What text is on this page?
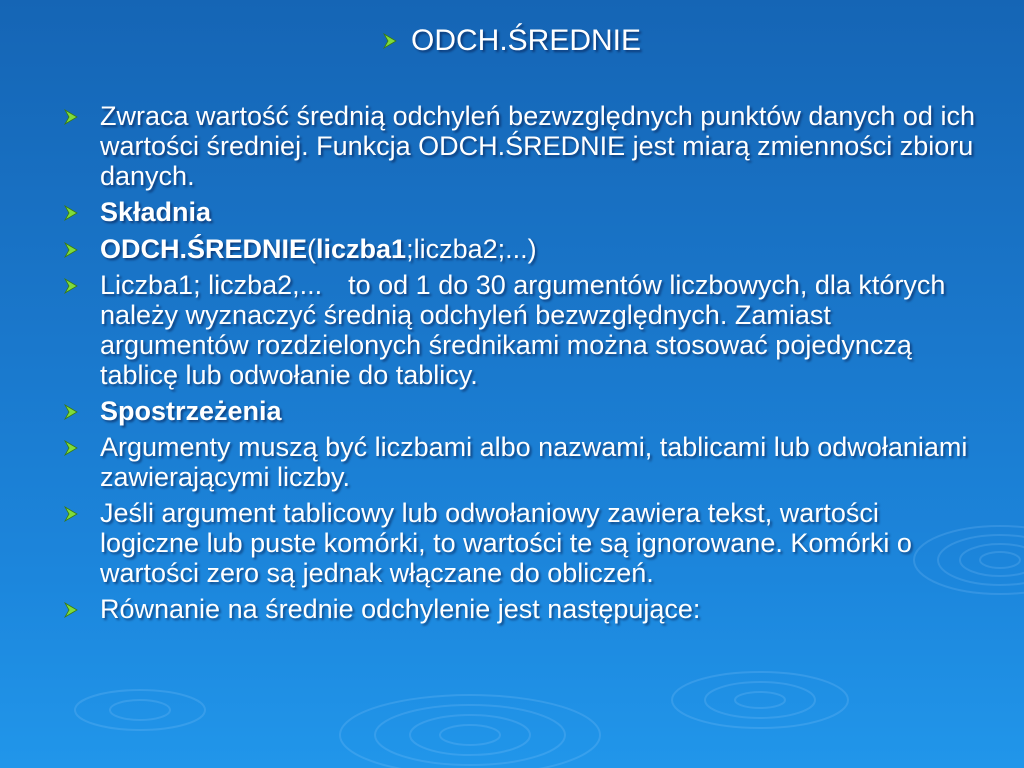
ODCH.ŚREDNIE
Zwraca wartość średnią odchyleń bezwzględnych punktów danych od ich wartości średniej. Funkcja ODCH.ŚREDNIE jest miarą zmienności zbioru danych.
Składnia
ODCH.ŚREDNIE(liczba1;liczba2;...)
Liczba1; liczba2,... to od 1 do 30 argumentów liczbowych, dla których należy wyznaczyć średnią odchyleń bezwzględnych. Zamiast argumentów rozdzielonych średnikami można stosować pojedynczą tablicę lub odwołanie do tablicy.
Spostrzeżenia
Argumenty muszą być liczbami albo nazwami, tablicami lub odwołaniami zawierającymi liczby.
Jeśli argument tablicowy lub odwołaniowy zawiera tekst, wartości logiczne lub puste komórki, to wartości te są ignorowane. Komórki o wartości zero są jednak włączane do obliczeń.
Równanie na średnie odchylenie jest następujące:
